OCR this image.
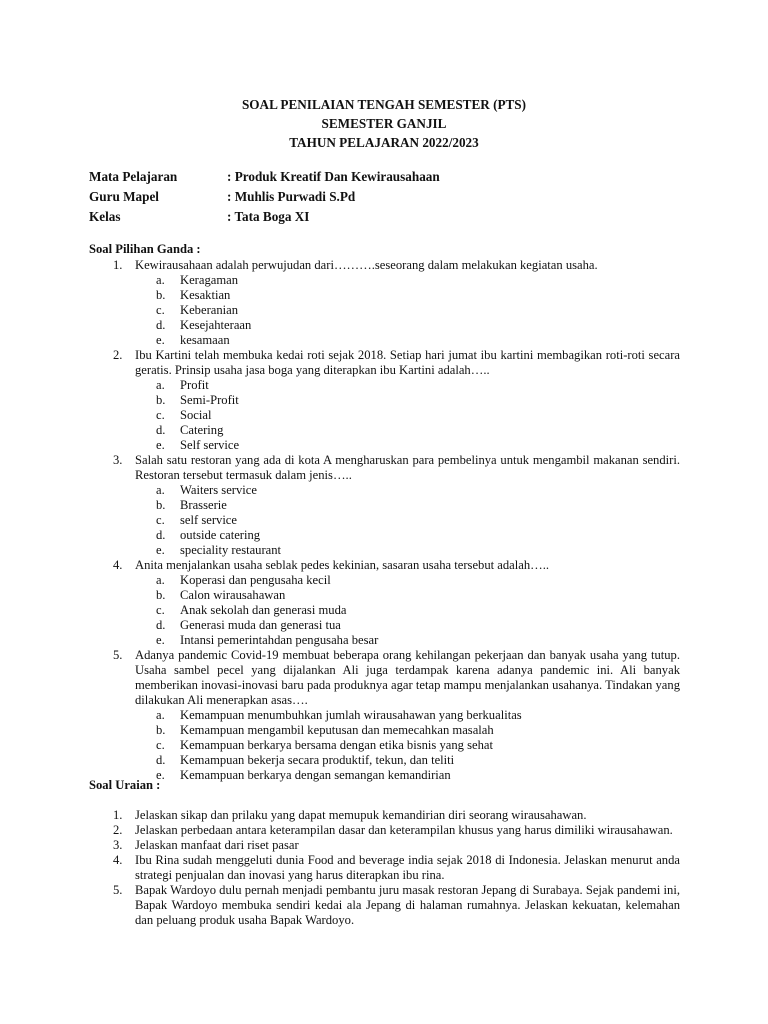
SOAL PENILAIAN TENGAH SEMESTER (PTS)
SEMESTER GANJIL
TAHUN PELAJARAN 2022/2023
Mata Pelajaran	: Produk Kreatif Dan Kewirausahaan
Guru Mapel	: Muhlis Purwadi S.Pd
Kelas	: Tata Boga XI
Soal Pilihan Ganda :
1. Kewirausahaan adalah perwujudan dari……….seseorang dalam melakukan kegiatan usaha.
a.	Keragaman
b.	Kesaktian
c.	Keberanian
d.	Kesejahteraan
e.	kesamaan
2. Ibu Kartini telah membuka kedai roti sejak 2018. Setiap hari jumat ibu kartini membagikan roti-roti secara geratis. Prinsip usaha jasa boga yang diterapkan ibu Kartini adalah…..
a.	Profit
b.	Semi-Profit
c.	Social
d.	Catering
e.	Self service
3. Salah satu restoran yang ada di kota A mengharuskan para pembelinya untuk mengambil makanan sendiri. Restoran tersebut termasuk dalam jenis…..
a.	Waiters service
b.	Brasserie
c.	self service
d.	outside catering
e.	speciality restaurant
4. Anita menjalankan usaha seblak pedes kekinian, sasaran usaha tersebut adalah…..
a.	Koperasi dan pengusaha kecil
b.	Calon wirausahawan
c.	Anak sekolah dan generasi muda
d.	Generasi muda dan generasi tua
e.	Intansi pemerintahdan pengusaha besar
5. Adanya pandemic Covid-19 membuat beberapa orang kehilangan pekerjaan dan banyak usaha yang tutup. Usaha sambel pecel yang dijalankan Ali juga terdampak karena adanya pandemic ini. Ali banyak memberikan inovasi-inovasi baru pada produknya agar tetap mampu menjalankan usahanya. Tindakan yang dilakukan Ali menerapkan asas….
a.	Kemampuan menumbuhkan jumlah wirausahawan yang berkualitas
b.	Kemampuan mengambil keputusan dan memecahkan masalah
c.	Kemampuan berkarya bersama dengan etika bisnis yang sehat
d.	Kemampuan bekerja secara produktif, tekun, dan teliti
e.	Kemampuan berkarya dengan semangan kemandirian
Soal Uraian :
1. Jelaskan sikap dan prilaku yang dapat memupuk kemandirian diri seorang wirausahawan.
2. Jelaskan perbedaan antara keterampilan dasar dan keterampilan khusus yang harus dimiliki wirausahawan.
3. Jelaskan manfaat dari riset pasar
4. Ibu Rina sudah menggeluti dunia Food and beverage india sejak 2018 di Indonesia. Jelaskan menurut anda strategi penjualan dan inovasi yang harus diterapkan ibu rina.
5. Bapak Wardoyo dulu pernah menjadi pembantu juru masak restoran Jepang di Surabaya. Sejak pandemi ini, Bapak Wardoyo membuka sendiri kedai ala Jepang di halaman rumahnya. Jelaskan kekuatan, kelemahan dan peluang produk usaha Bapak Wardoyo.
